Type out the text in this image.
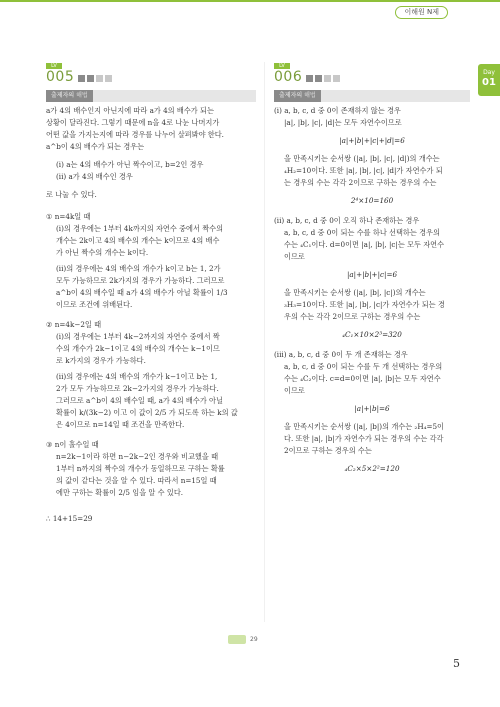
이해원 N제
Day
01
LV
005
출제자의 해법
a가 4의 배수인지 아닌지에 따라 a가 4의 배수가 되는
상황이 달라진다. 그렇기 때문에 n을 4로 나눈 나머지가
어떤 값을 가지는지에 따라 경우를 나누어 살펴봐야 한다.
a^b이 4의 배수가 되는 경우는
(i) a는 4의 배수가 아닌 짝수이고, b=2인 경우
(ii) a가 4의 배수인 경우
로 나눌 수 있다.
① n=4k일 때
(i)의 경우에는 1부터 4k까지의 자연수 중에서 짝수의
개수는 2k이고 4의 배수의 개수는 k이므로 4의 배수
가 아닌 짝수의 개수는 k이다.
(ii)의 경우에는 4의 배수의 개수가 k이고 b는 1, 2가
모두 가능하므로 2k가지의 경우가 가능하다. 그러므로
a^b이 4의 배수일 때 a가 4의 배수가 아닐 확률이 1/3
이므로 조건에 위배된다.
② n=4k−2일 때
(i)의 경우에는 1부터 4k−2까지의 자연수 중에서 짝
수의 개수가 2k−1이고 4의 배수의 개수는 k−1이므
로 k가지의 경우가 가능하다.
(ii)의 경우에는 4의 배수의 개수가 k−1이고 b는 1,
2가 모두 가능하므로 2k−2가지의 경우가 가능하다.
그러므로 a^b이 4의 배수일 때, a가 4의 배수가 아닐
확률이 k/(3k−2) 이고 이 값이 2/5 가 되도록 하는 k의 값
은 4이므로 n=14일 때 조건을 만족한다.
③ n이 홀수일 때
n=2k−1이라 하면 n−2k−2인 경우와 비교했을 때
1부터 n까지의 짝수의 개수가 동일하므로 구하는 확률
의 값이 같다는 것을 알 수 있다. 따라서 n=15일 때
에만 구하는 확률이 2/5 임을 알 수 있다.
∴ 14+15=29
LV
006
출제자의 해법
(i) a, b, c, d 중 0이 존재하지 않는 경우
|a|, |b|, |c|, |d|는 모두 자연수이므로
|a|+|b|+|c|+|d|=6
을 만족시키는 순서쌍 (|a|, |b|, |c|, |d|)의 개수는
₄H₂=10이다. 또한 |a|, |b|, |c|, |d|가 자연수가 되
는 경우의 수는 각각 2이므로 구하는 경우의 수는
2⁴×10=160
(ii) a, b, c, d 중 0이 오직 하나 존재하는 경우
a, b, c, d 중 0이 되는 수를 하나 선택하는 경우의
수는 ₄C₁이다. d=0이면 |a|, |b|, |c|는 모두 자연수
이므로
|a|+|b|+|c|=6
을 만족시키는 순서쌍 (|a|, |b|, |c|)의 개수는
₃H₃=10이다. 또한 |a|, |b|, |c|가 자연수가 되는 경
우의 수는 각각 2이므로 구하는 경우의 수는
₄C₁×10×2³=320
(iii) a, b, c, d 중 0이 두 개 존재하는 경우
a, b, c, d 중 0이 되는 수를 두 개 선택하는 경우의
수는 ₄C₂이다. c=d=0이면 |a|, |b|는 모두 자연수
이므로
|a|+|b|=6
을 만족시키는 순서쌍 (|a|, |b|)의 개수는 ₂H₄=5이
다. 또한 |a|, |b|가 자연수가 되는 경우의 수는 각각
2이므로 구하는 경우의 수는
₄C₂×5×2²=120
29
5
